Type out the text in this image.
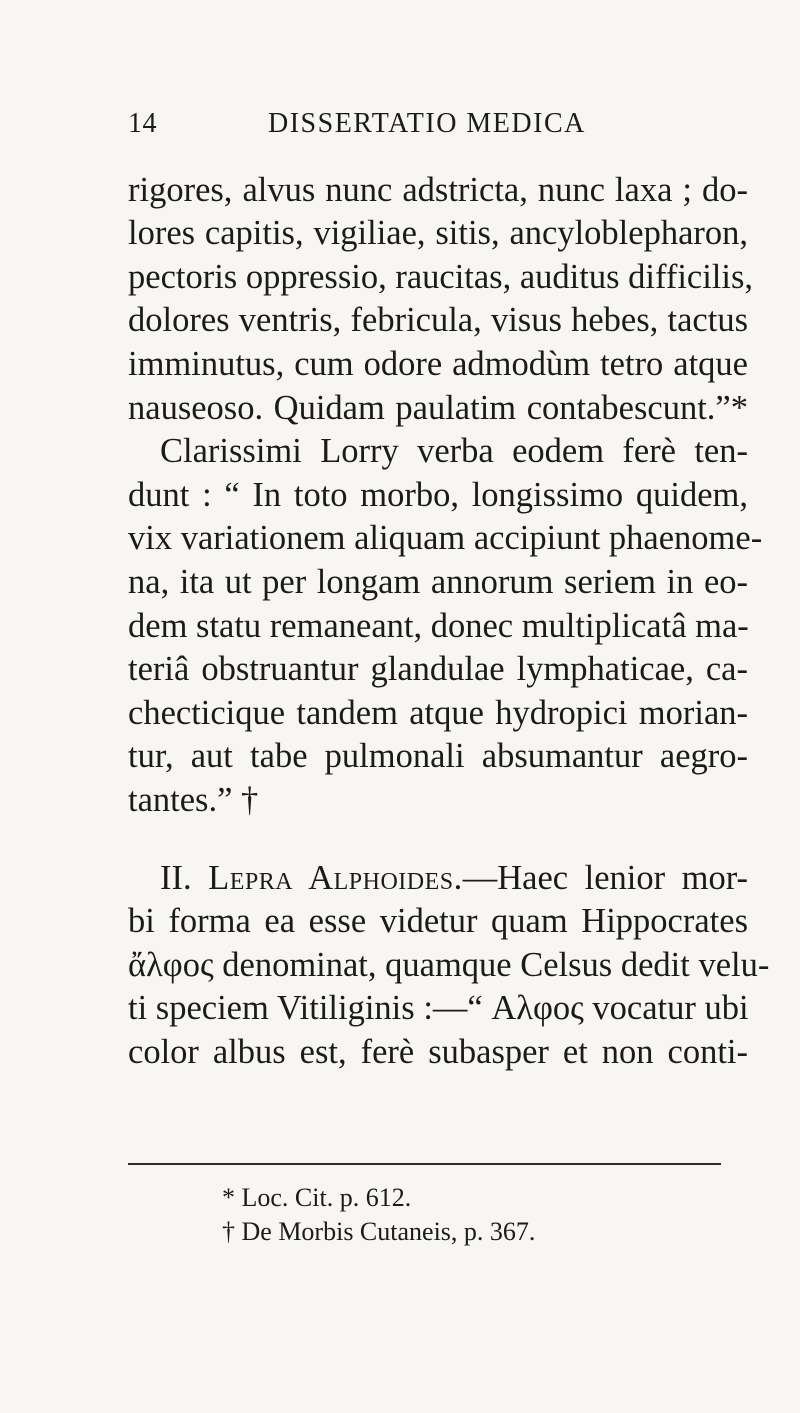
14	DISSERTATIO MEDICA
rigores, alvus nunc adstricta, nunc laxa ; do-
lores capitis, vigiliae, sitis, ancyloblepharon,
pectoris oppressio, raucitas, auditus difficilis,
dolores ventris, febricula, visus hebes, tactus
imminutus, cum odore admodùm tetro atque
nauseoso. Quidam paulatim contabescunt.”*
Clarissimi Lorry verba eodem ferè ten-
dunt : “ In toto morbo, longissimo quidem,
vix variationem aliquam accipiunt phaenome-
na, ita ut per longam annorum seriem in eo-
dem statu remaneant, donec multiplicatâ ma-
teriâ obstruantur glandulae lymphaticae, ca-
checticique tandem atque hydropici morian-
tur, aut tabe pulmonali absumantur aegro-
tantes.” †
II. Lepra Alphoides.—Haec lenior mor-
bi forma ea esse videtur quam Hippocrates
ἄλφος denominat, quamque Celsus dedit velu-
ti speciem Vitiliginis :—“ Αλφος vocatur ubi
color albus est, ferè subasper et non conti-
* Loc. Cit. p. 612.
† De Morbis Cutaneis, p. 367.
